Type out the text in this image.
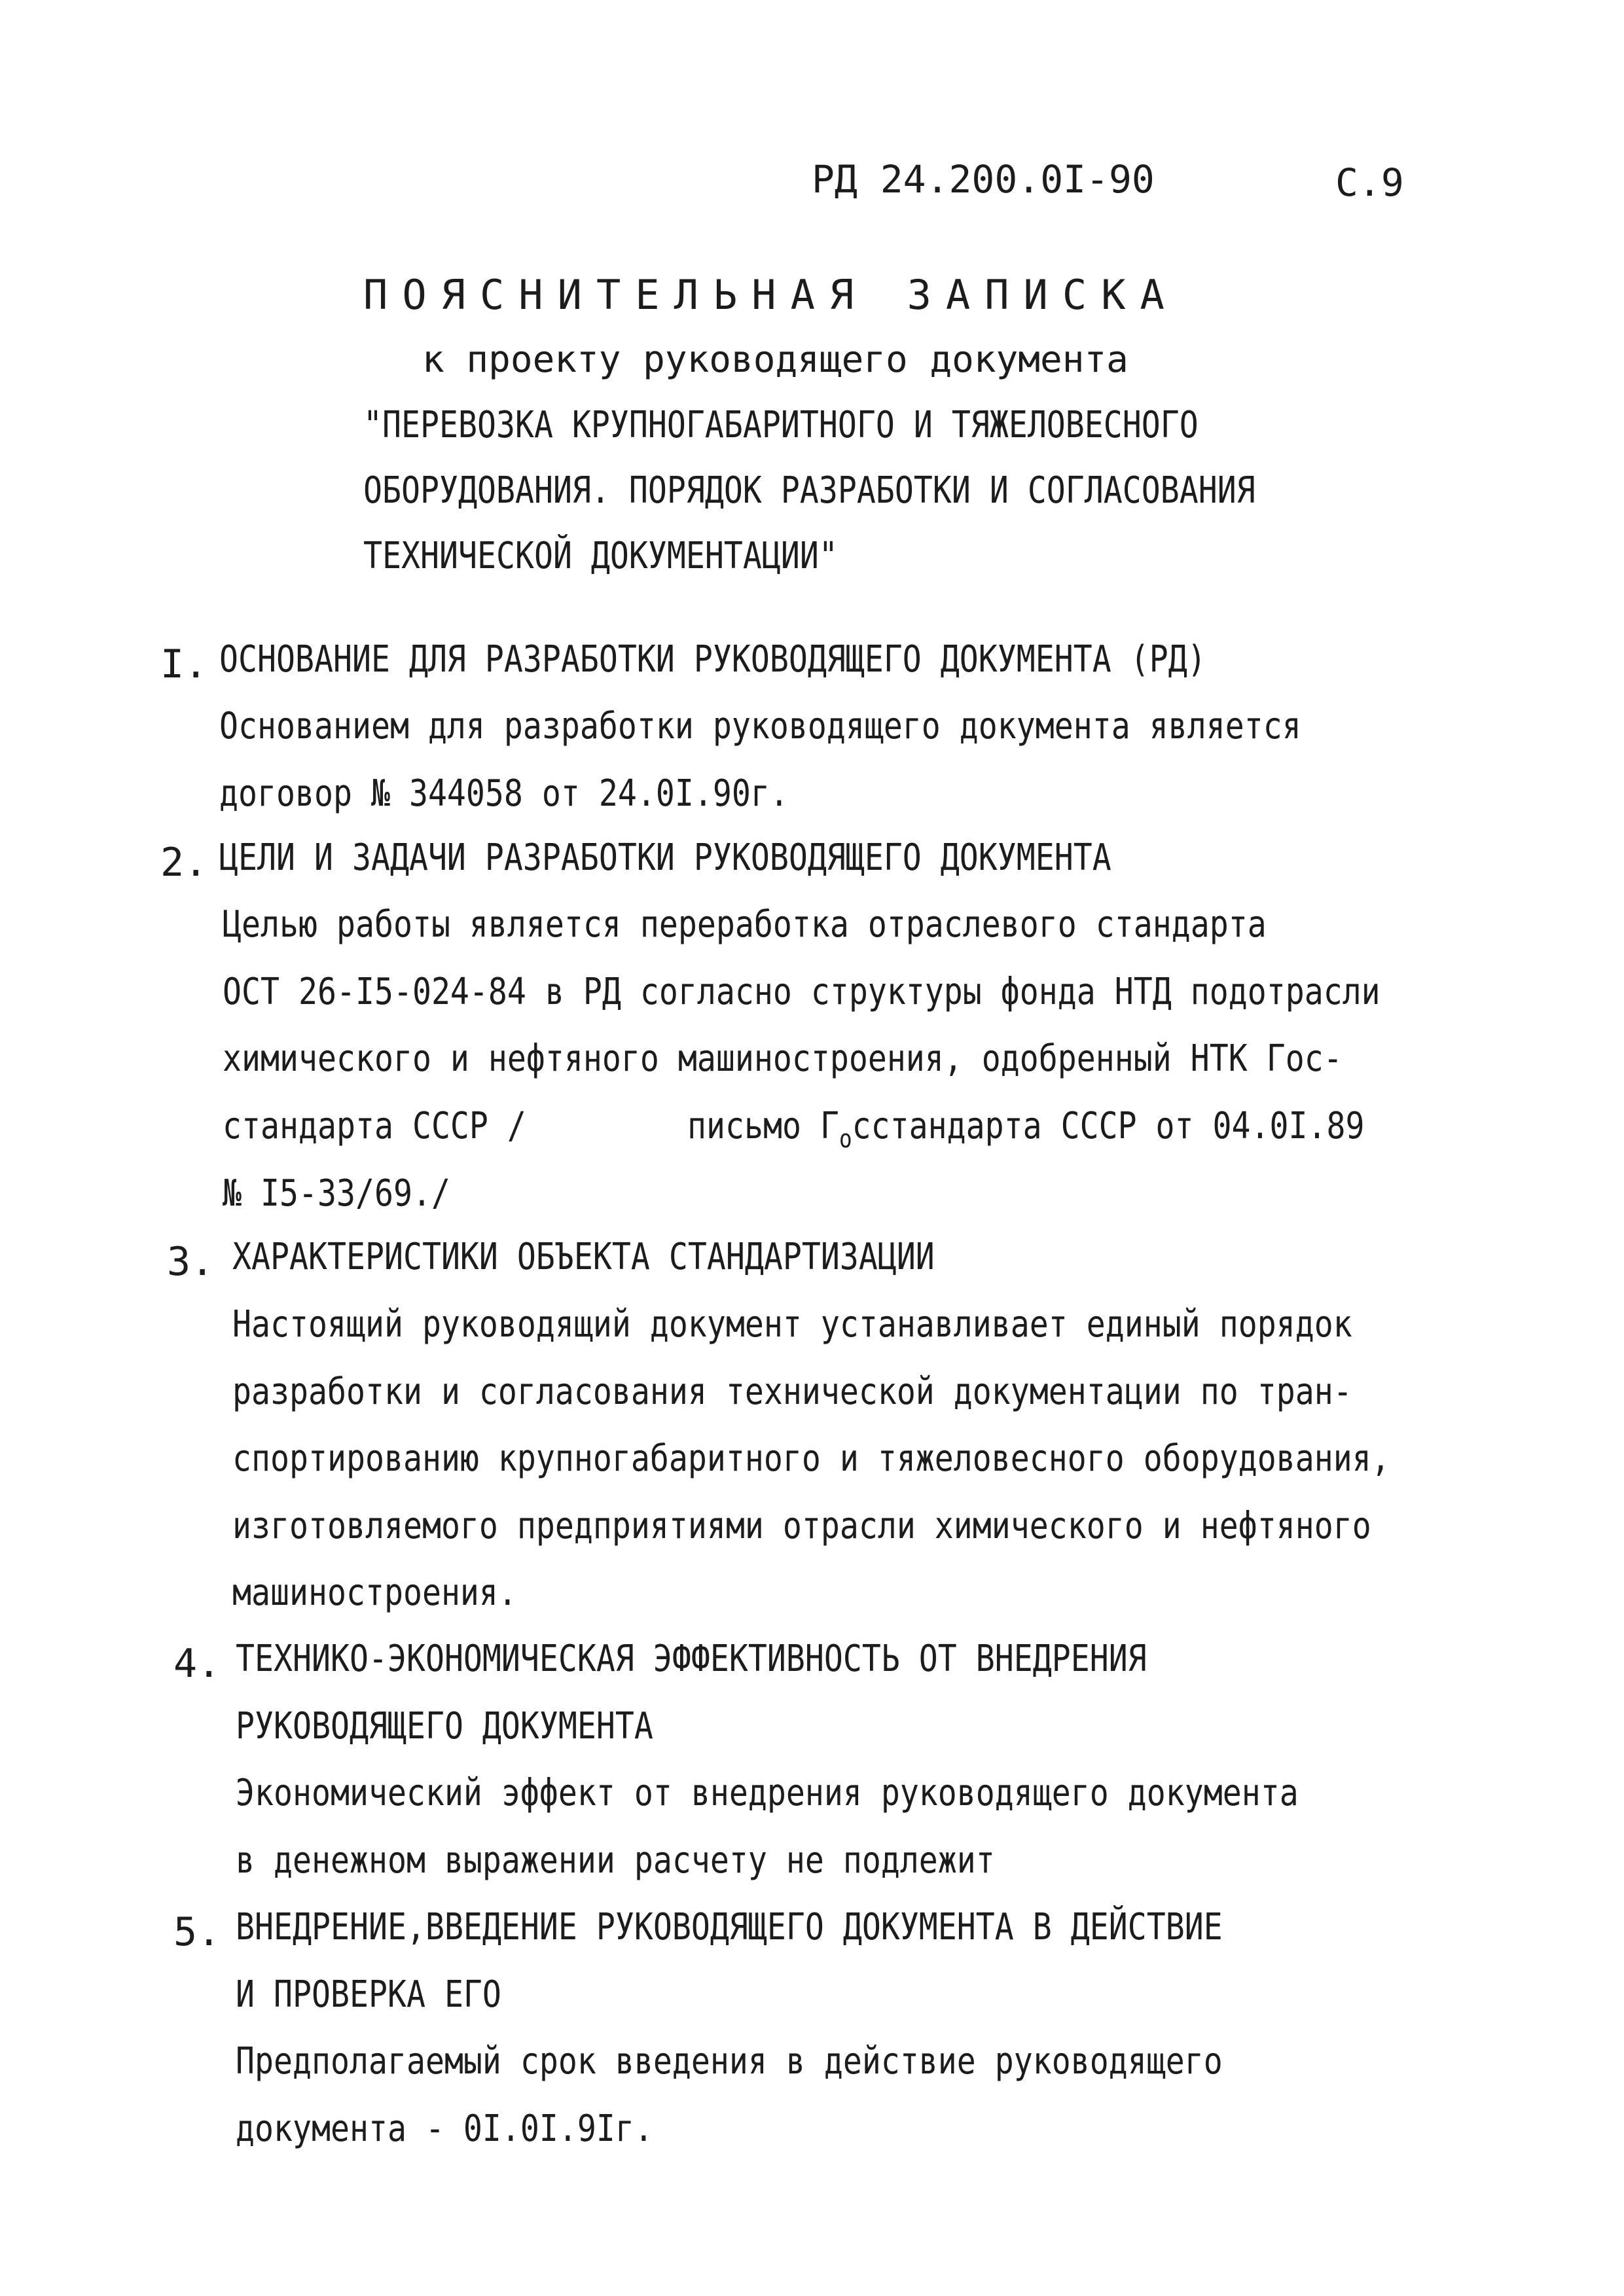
РД 24.200.0I-90	С.9
ПОЯСНИТЕЛЬНАЯ ЗАПИСКА
к проекту руководящего документа
"ПЕРЕВОЗКА КРУПНОГАБАРИТНОГО И ТЯЖЕЛОВЕСНОГО
ОБОРУДОВАНИЯ. ПОРЯДОК РАЗРАБОТКИ И СОГЛАСОВАНИЯ
ТЕХНИЧЕСКОЙ ДОКУМЕНТАЦИИ"
I. ОСНОВАНИЕ ДЛЯ РАЗРАБОТКИ РУКОВОДЯЩЕГО ДОКУМЕНТА (РД)
Основанием для разработки руководящего документа является
договор № 344058 от 24.0I.90г.
2. ЦЕЛИ И ЗАДАЧИ РАЗРАБОТКИ РУКОВОДЯЩЕГО ДОКУМЕНТА
Целью работы является переработка отраслевого стандарта
ОСТ 26-I5-024-84 в РД согласно структуры фонда НТД подотрасли
химического и нефтяного машиностроения, одобренный НТК Гос-
стандарта СССР /	письмо $Г_осстандарта$ СССР от 04.0I.89
№ I5-33/69./
3. ХАРАКТЕРИСТИКИ ОБЪЕКТА СТАНДАРТИЗАЦИИ
Настоящий руководящий документ устанавливает единый порядок
разработки и согласования технической документации по тран-
спортированию крупногабаритного и тяжеловесного оборудования,
изготовляемого предприятиями отрасли химического и нефтяного
машиностроения.
4. ТЕХНИКО-ЭКОНОМИЧЕСКАЯ ЭФФЕКТИВНОСТЬ ОТ ВНЕДРЕНИЯ
РУКОВОДЯЩЕГО ДОКУМЕНТА
Экономический эффект от внедрения руководящего документа
в денежном выражении расчету не подлежит
5. ВНЕДРЕНИЕ,ВВЕДЕНИЕ РУКОВОДЯЩЕГО ДОКУМЕНТА В ДЕЙСТВИЕ
И ПРОВЕРКА ЕГО
Предполагаемый срок введения в действие руководящего
документа - 0I.0I.9Iг.
